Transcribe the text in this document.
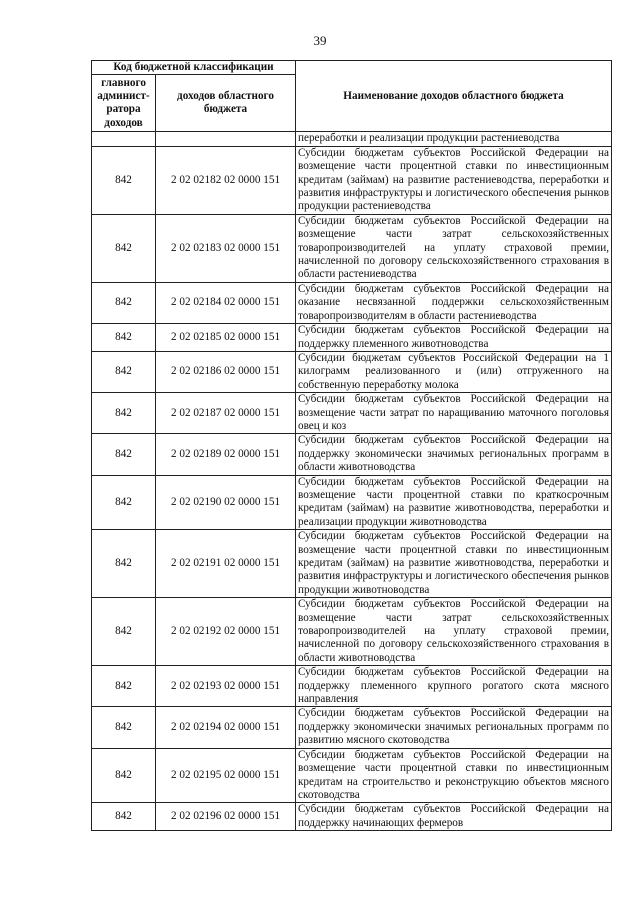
39
Код бюджетной классификации		Наименование доходов областного бюджета
главного админист-ратора доходов	доходов областного бюджета	
		переработки и реализации продукции растениеводства
842	2 02 02182 02 0000 151	Субсидии бюджетам субъектов Российской Федерации на возмещение части процентной ставки по инвестиционным кредитам (займам) на развитие растениеводства, переработки и развития инфраструктуры и логистического обеспечения рынков продукции растениеводства
842	2 02 02183 02 0000 151	Субсидии бюджетам субъектов Российской Федерации на возмещение части затрат сельскохозяйственных товаропроизводителей на уплату страховой премии, начисленной по договору сельскохозяйственного страхования в области растениеводства
842	2 02 02184 02 0000 151	Субсидии бюджетам субъектов Российской Федерации на оказание несвязанной поддержки сельскохозяйственным товаропроизводителям в области растениеводства
842	2 02 02185 02 0000 151	Субсидии бюджетам субъектов Российской Федерации на поддержку племенного животноводства
842	2 02 02186 02 0000 151	Субсидии бюджетам субъектов Российской Федерации на 1 килограмм реализованного и (или) отгруженного на собственную переработку молока
842	2 02 02187 02 0000 151	Субсидии бюджетам субъектов Российской Федерации на возмещение части затрат по наращиванию маточного поголовья овец и коз
842	2 02 02189 02 0000 151	Субсидии бюджетам субъектов Российской Федерации на поддержку экономически значимых региональных программ в области животноводства
842	2 02 02190 02 0000 151	Субсидии бюджетам субъектов Российской Федерации на возмещение части процентной ставки по краткосрочным кредитам (займам) на развитие животноводства, переработки и реализации продукции животноводства
842	2 02 02191 02 0000 151	Субсидии бюджетам субъектов Российской Федерации на возмещение части процентной ставки по инвестиционным кредитам (займам) на развитие животноводства, переработки и развития инфраструктуры и логистического обеспечения рынков продукции животноводства
842	2 02 02192 02 0000 151	Субсидии бюджетам субъектов Российской Федерации на возмещение части затрат сельскохозяйственных товаропроизводителей на уплату страховой премии, начисленной по договору сельскохозяйственного страхования в области животноводства
842	2 02 02193 02 0000 151	Субсидии бюджетам субъектов Российской Федерации на поддержку племенного крупного рогатого скота мясного направления
842	2 02 02194 02 0000 151	Субсидии бюджетам субъектов Российской Федерации на поддержку экономически значимых региональных программ по развитию мясного скотоводства
842	2 02 02195 02 0000 151	Субсидии бюджетам субъектов Российской Федерации на возмещение части процентной ставки по инвестиционным кредитам на строительство и реконструкцию объектов мясного скотоводства
842	2 02 02196 02 0000 151	Субсидии бюджетам субъектов Российской Федерации на поддержку начинающих фермеров
